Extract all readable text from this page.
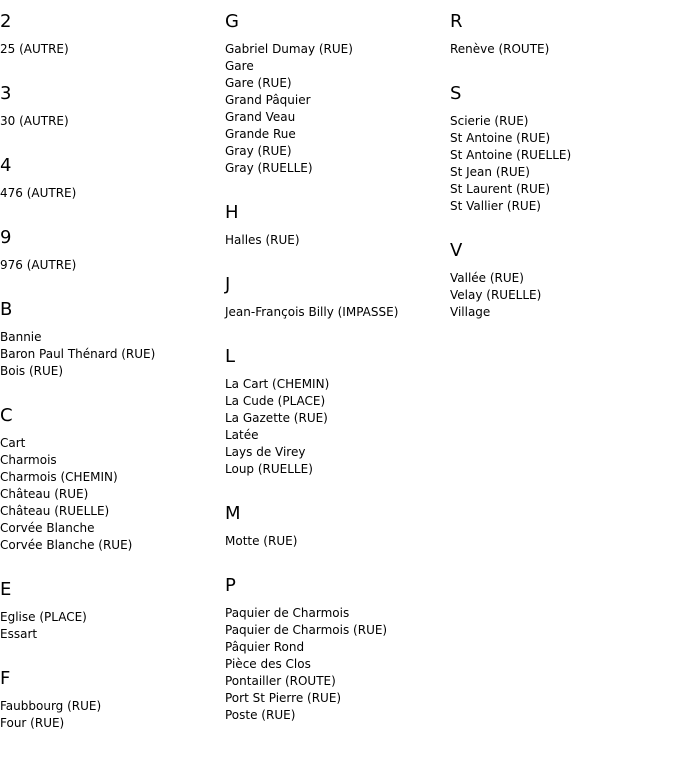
2
25 (AUTRE)
3
30 (AUTRE)
4
476 (AUTRE)
9
976 (AUTRE)
B
Bannie
Baron Paul Thénard (RUE)
Bois (RUE)
C
Cart
Charmois
Charmois (CHEMIN)
Château (RUE)
Château (RUELLE)
Corvée Blanche
Corvée Blanche (RUE)
E
Eglise (PLACE)
Essart
F
Faubbourg (RUE)
Four (RUE)
G
Gabriel Dumay (RUE)
Gare
Gare (RUE)
Grand Pâquier
Grand Veau
Grande Rue
Gray (RUE)
Gray (RUELLE)
H
Halles (RUE)
J
Jean-François Billy (IMPASSE)
L
La Cart (CHEMIN)
La Cude (PLACE)
La Gazette (RUE)
Latée
Lays de Virey
Loup (RUELLE)
M
Motte (RUE)
P
Paquier de Charmois
Paquier de Charmois (RUE)
Pâquier Rond
Pièce des Clos
Pontailler (ROUTE)
Port St Pierre (RUE)
Poste (RUE)
R
Renève (ROUTE)
S
Scierie (RUE)
St Antoine (RUE)
St Antoine (RUELLE)
St Jean (RUE)
St Laurent (RUE)
St Vallier (RUE)
V
Vallée (RUE)
Velay (RUELLE)
Village
